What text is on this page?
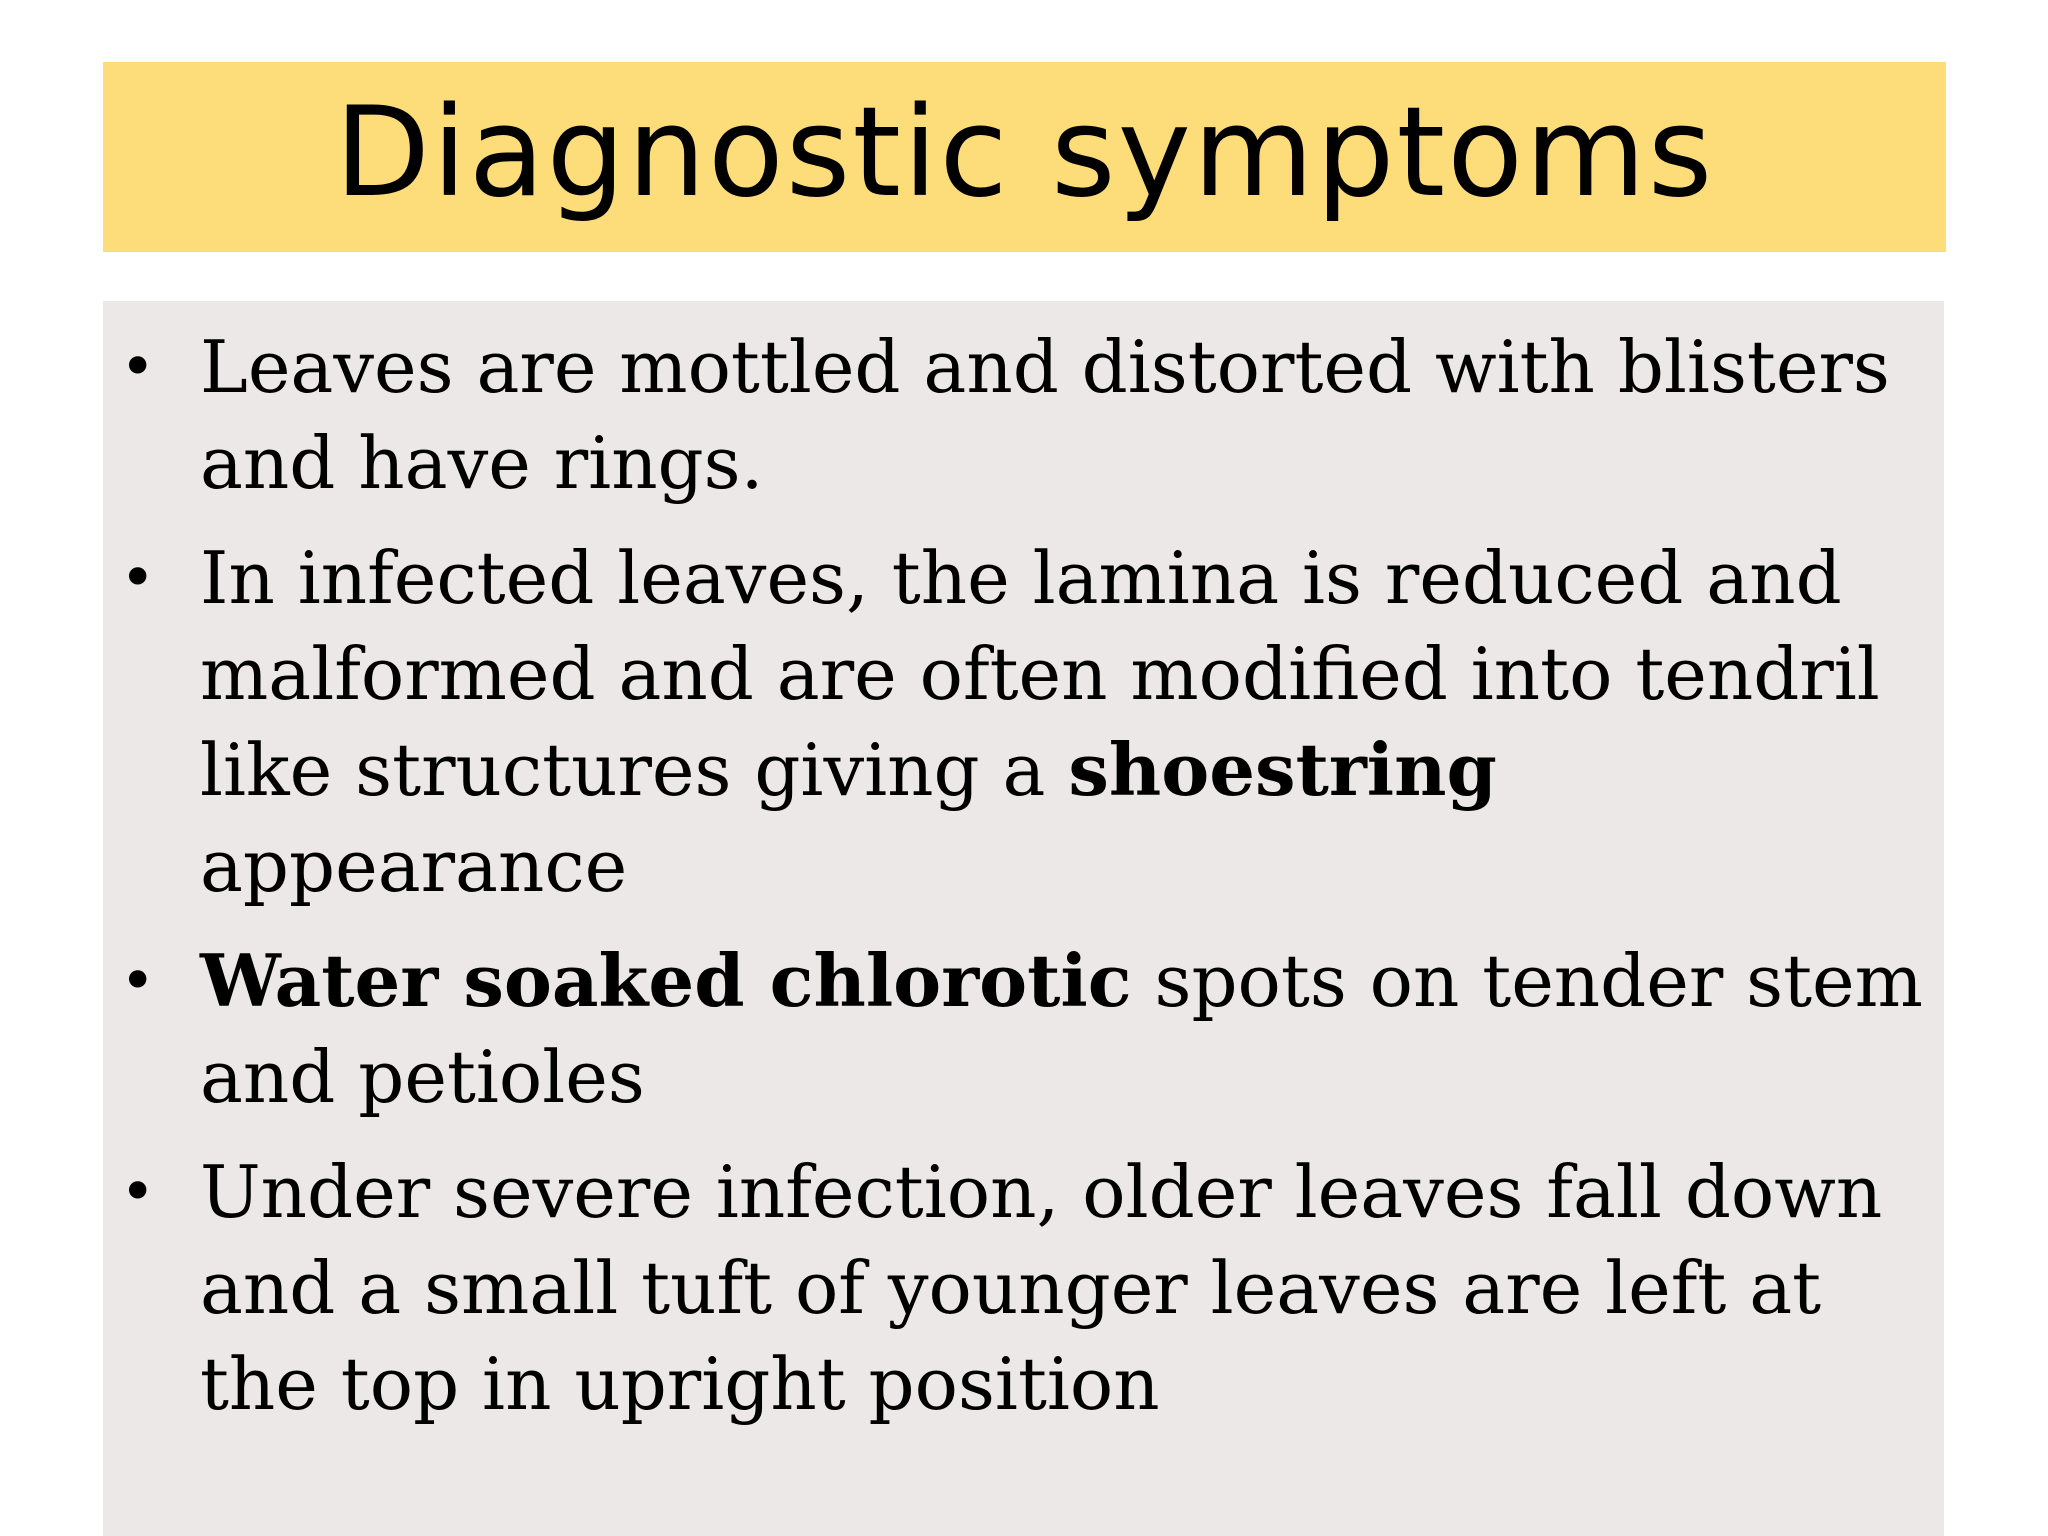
Diagnostic symptoms
• Leaves are mottled and distorted with blisters and have rings.
• In infected leaves, the lamina is reduced and malformed and are often modified into tendril like structures giving a shoestring appearance
• Water soaked chlorotic spots on tender stem and petioles
• Under severe infection, older leaves fall down and a small tuft of younger leaves are left at the top in upright position
